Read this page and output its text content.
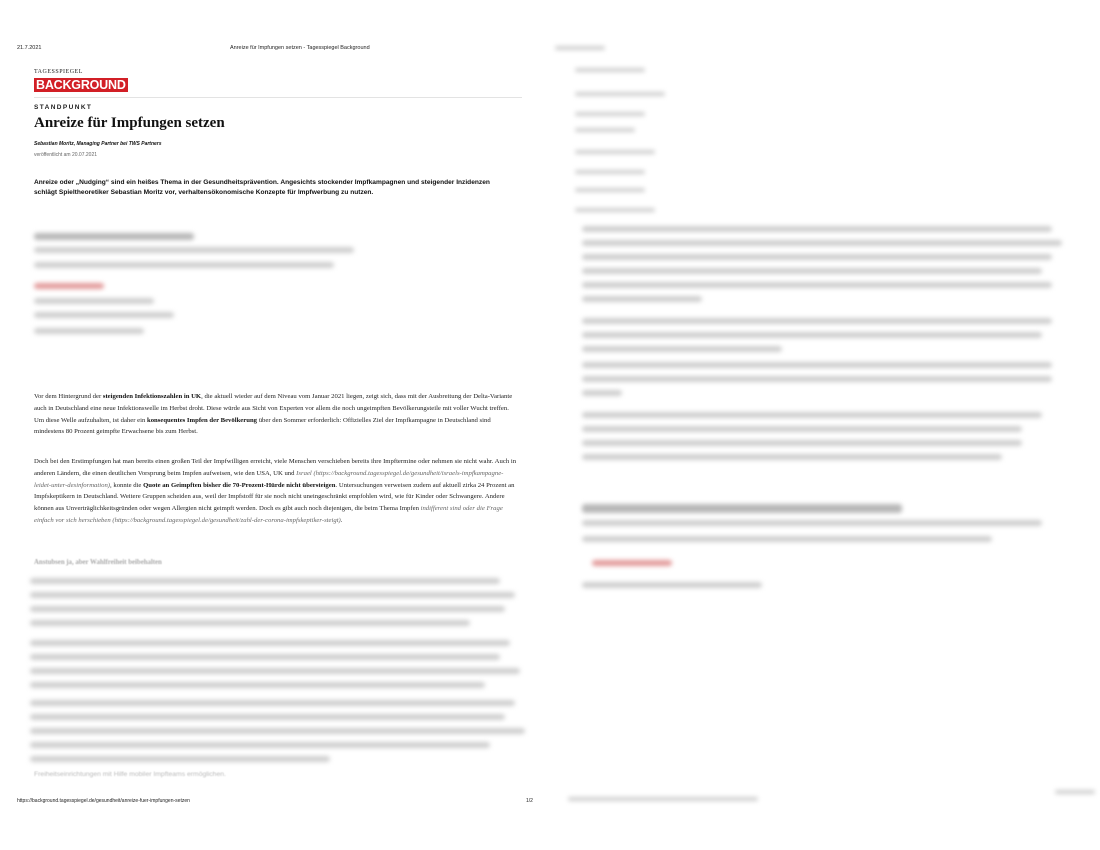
21.7.2021	Anreize für Impfungen setzen - Tagesspiegel Background
TAGESSPIEGEL
BACKGROUND
STANDPUNKT
Anreize für Impfungen setzen
Sebastian Moritz, Managing Partner bei TWS Partners
veröffentlicht am 20.07.2021
Anreize oder „Nudging“ sind ein heißes Thema in der Gesundheitsprävention. Angesichts stockender Impfkampagnen und steigender Inzidenzen schlägt Spieltheoretiker Sebastian Moritz vor, verhaltensökonomische Konzepte für Impfwerbung zu nutzen.
Vor dem Hintergrund der steigenden Infektionszahlen in UK, die aktuell wieder auf dem Niveau vom Januar 2021 liegen, zeigt sich, dass mit der Ausbreitung der Delta-Variante auch in Deutschland eine neue Infektionswelle im Herbst droht. Diese würde aus Sicht von Experten vor allem die noch ungeimpften Bevölkerungsteile mit voller Wucht treffen. Um diese Welle aufzuhalten, ist daher ein konsequentes Impfen der Bevölkerung über den Sommer erforderlich: Offizielles Ziel der Impfkampagne in Deutschland sind mindestens 80 Prozent geimpfte Erwachsene bis zum Herbst.
Doch bei den Erstimpfungen hat man bereits einen großen Teil der Impfwilligen erreicht, viele Menschen verschieben bereits ihre Impftermine oder nehmen sie nicht wahr. Auch in anderen Ländern, die einen deutlichen Vorsprung beim Impfen aufweisen, wie den USA, UK und Israel (https://background.tagesspiegel.de/gesundheit/israels-impfkampagne-leidet-unter-desinformation), konnte die Quote an Geimpften bisher die 70-Prozent-Hürde nicht übersteigen. Untersuchungen verweisen zudem auf aktuell zirka 24 Prozent an Impfskeptikern in Deutschland. Weitere Gruppen scheiden aus, weil der Impfstoff für sie noch nicht uneingeschränkt empfohlen wird, wie für Kinder oder Schwangere. Andere können aus Unverträglichkeitsgründen oder wegen Allergien nicht geimpft werden. Doch es gibt auch noch diejenigen, die beim Thema Impfen indifferent sind oder die Frage einfach vor sich herschieben (https://background.tagesspiegel.de/gesundheit/zahl-der-corona-impfskeptiker-steigt).
Anstubsen ja, aber Wahlfreiheit beibehalten
Freiheitseinrichtungen mit Hilfe mobiler Impfteams ermöglichen.
https://background.tagesspiegel.de/gesundheit/anreize-fuer-impfungen-setzen	1/2
